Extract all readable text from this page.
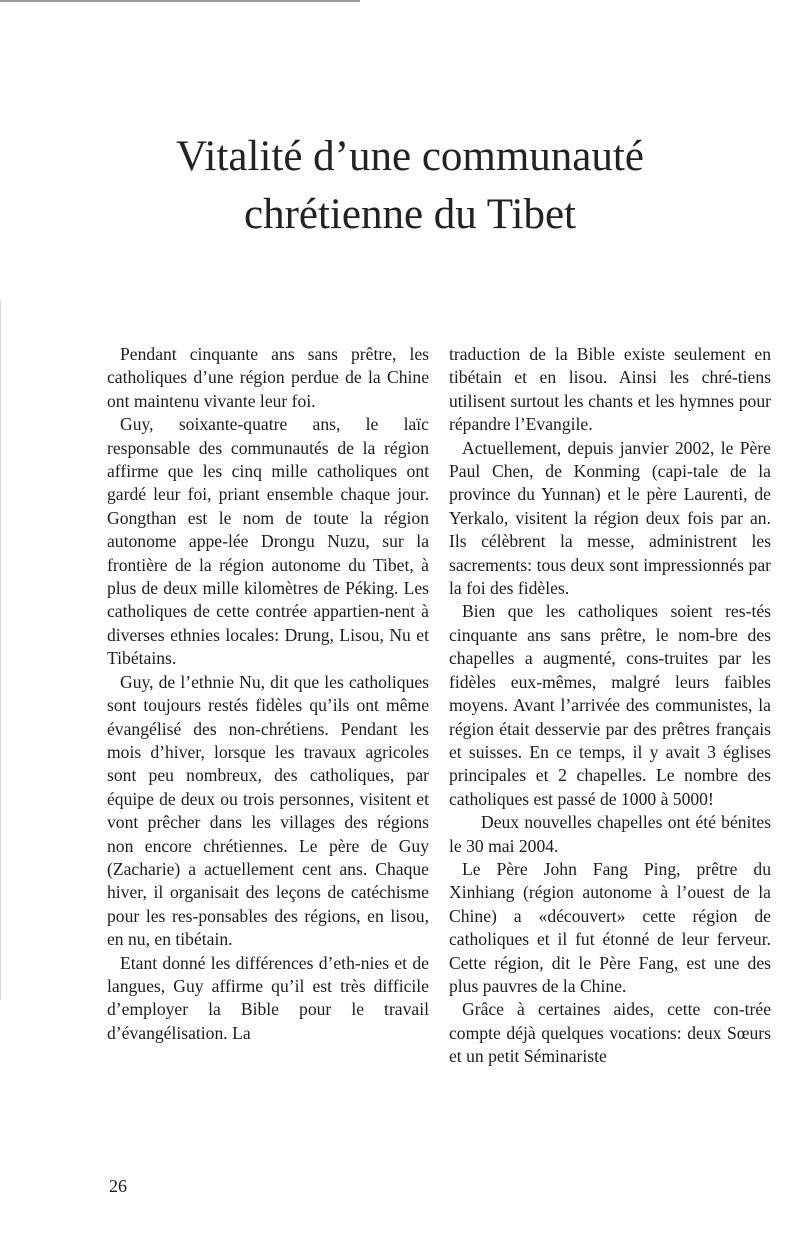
Vitalité d’une communauté
chrétienne du Tibet

Pendant cinquante ans sans prêtre, les catholiques d’une région perdue de la Chine ont maintenu vivante leur foi.

Guy, soixante-quatre ans, le laïc responsable des communautés de la région affirme que les cinq mille catholiques ont gardé leur foi, priant ensemble chaque jour. Gongthan est le nom de toute la région autonome appe-lée Drongu Nuzu, sur la frontière de la région autonome du Tibet, à plus de deux mille kilomètres de Péking. Les catholiques de cette contrée appartien-nent à diverses ethnies locales: Drung, Lisou, Nu et Tibétains.

Guy, de l’ethnie Nu, dit que les catholiques sont toujours restés fidèles qu’ils ont même évangélisé des non-chrétiens. Pendant les mois d’hiver, lorsque les travaux agricoles sont peu nombreux, des catholiques, par équipe de deux ou trois personnes, visitent et vont prêcher dans les villages des régions non encore chrétiennes. Le père de Guy (Zacharie) a actuellement cent ans. Chaque hiver, il organisait des leçons de catéchisme pour les res-ponsables des régions, en lisou, en nu, en tibétain.

Etant donné les différences d’eth-nies et de langues, Guy affirme qu’il est très difficile d’employer la Bible pour le travail d’évangélisation. La

traduction de la Bible existe seulement en tibétain et en lisou. Ainsi les chré-tiens utilisent surtout les chants et les hymnes pour répandre l’Evangile.

Actuellement, depuis janvier 2002, le Père Paul Chen, de Konming (capi-tale de la province du Yunnan) et le père Laurenti, de Yerkalo, visitent la région deux fois par an. Ils célèbrent la messe, administrent les sacrements: tous deux sont impressionnés par la foi des fidèles.

Bien que les catholiques soient res-tés cinquante ans sans prêtre, le nom-bre des chapelles a augmenté, cons-truites par les fidèles eux-mêmes, malgré leurs faibles moyens. Avant l’arrivée des communistes, la région était desservie par des prêtres français et suisses. En ce temps, il y avait 3 églises principales et 2 chapelles. Le nombre des catholiques est passé de 1000 à 5000!

Deux nouvelles chapelles ont été bénites le 30 mai 2004.

Le Père John Fang Ping, prêtre du Xinhiang (région autonome à l’ouest de la Chine) a «découvert» cette région de catholiques et il fut étonné de leur ferveur. Cette région, dit le Père Fang, est une des plus pauvres de la Chine.

Grâce à certaines aides, cette con-trée compte déjà quelques vocations: deux Sœurs et un petit Séminariste

26
